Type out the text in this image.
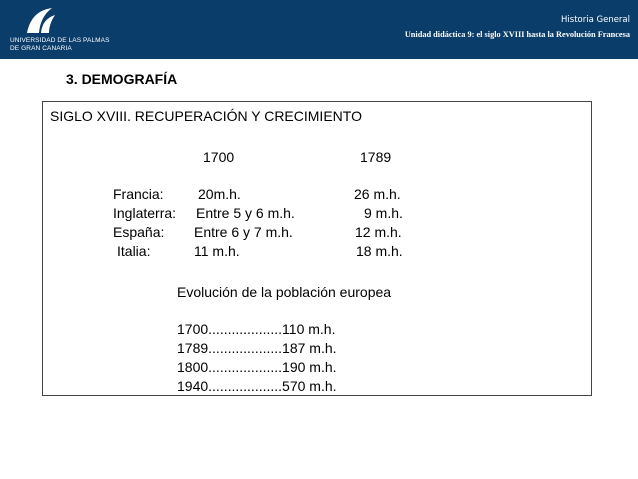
UNIVERSIDAD DE LAS PALMAS
DE GRAN CANARIA
Historia General
Unidad didáctica 9: el siglo XVIII hasta la Revolución Francesa
3. DEMOGRAFÍA
SIGLO XVIII. RECUPERACIÓN Y CRECIMIENTO
1700	1789
Francia: 20m.h.	26 m.h.
Inglaterra: Entre 5 y 6 m.h.	9 m.h.
España: Entre 6 y 7 m.h.	12 m.h.
Italia:	11 m.h.	18 m.h.
Evolución de la población europea
1700...................110 m.h.
1789...................187 m.h.
1800...................190 m.h.
1940...................570 m.h.
